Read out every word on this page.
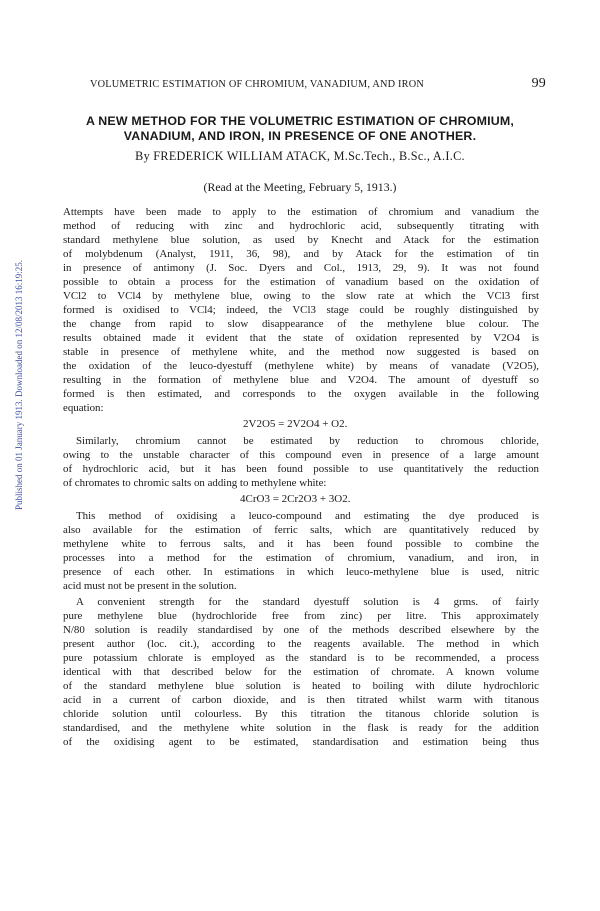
VOLUMETRIC ESTIMATION OF CHROMIUM, VANADIUM, AND IRON	99
Published on 01 January 1913. Downloaded on 12/08/2013 16:19:25.
A NEW METHOD FOR THE VOLUMETRIC ESTIMATION OF CHROMIUM,
VANADIUM, AND IRON, IN PRESENCE OF ONE ANOTHER.
By FREDERICK WILLIAM ATACK, M.Sc.Tech., B.Sc., A.I.C.
(Read at the Meeting, February 5, 1913.)
Attempts have been made to apply to the estimation of chromium and vanadium the
method of reducing with zinc and hydrochloric acid, subsequently titrating with
standard methylene blue solution, as used by Knecht and Atack for the estimation
of molybdenum (Analyst, 1911, 36, 98), and by Atack for the estimation of tin
in presence of antimony (J. Soc. Dyers and Col., 1913, 29, 9). It was not found
possible to obtain a process for the estimation of vanadium based on the oxidation of
VCl2 to VCl4 by methylene blue, owing to the slow rate at which the VCl3 first
formed is oxidised to VCl4; indeed, the VCl3 stage could be roughly distinguished by
the change from rapid to slow disappearance of the methylene blue colour. The
results obtained made it evident that the state of oxidation represented by V2O4 is
stable in presence of methylene white, and the method now suggested is based on
the oxidation of the leuco-dyestuff (methylene white) by means of vanadate (V2O5),
resulting in the formation of methylene blue and V2O4. The amount of dyestuff so
formed is then estimated, and corresponds to the oxygen available in the following
equation:
2V2O5 = 2V2O4 + O2.
Similarly, chromium cannot be estimated by reduction to chromous chloride,
owing to the unstable character of this compound even in presence of a large amount
of hydrochloric acid, but it has been found possible to use quantitatively the reduction
of chromates to chromic salts on adding to methylene white:
4CrO3 = 2Cr2O3 + 3O2.
This method of oxidising a leuco-compound and estimating the dye produced is
also available for the estimation of ferric salts, which are quantitatively reduced by
methylene white to ferrous salts, and it has been found possible to combine the
processes into a method for the estimation of chromium, vanadium, and iron, in
presence of each other. In estimations in which leuco-methylene blue is used, nitric
acid must not be present in the solution.
A convenient strength for the standard dyestuff solution is 4 grms. of fairly
pure methylene blue (hydrochloride free from zinc) per litre. This approximately
N/80 solution is readily standardised by one of the methods described elsewhere by the
present author (loc. cit.), according to the reagents available. The method in which
pure potassium chlorate is employed as the standard is to be recommended, a process
identical with that described below for the estimation of chromate. A known volume
of the standard methylene blue solution is heated to boiling with dilute hydrochloric
acid in a current of carbon dioxide, and is then titrated whilst warm with titanous
chloride solution until colourless. By this titration the titanous chloride solution is
standardised, and the methylene white solution in the flask is ready for the addition
of the oxidising agent to be estimated, standardisation and estimation being thus
